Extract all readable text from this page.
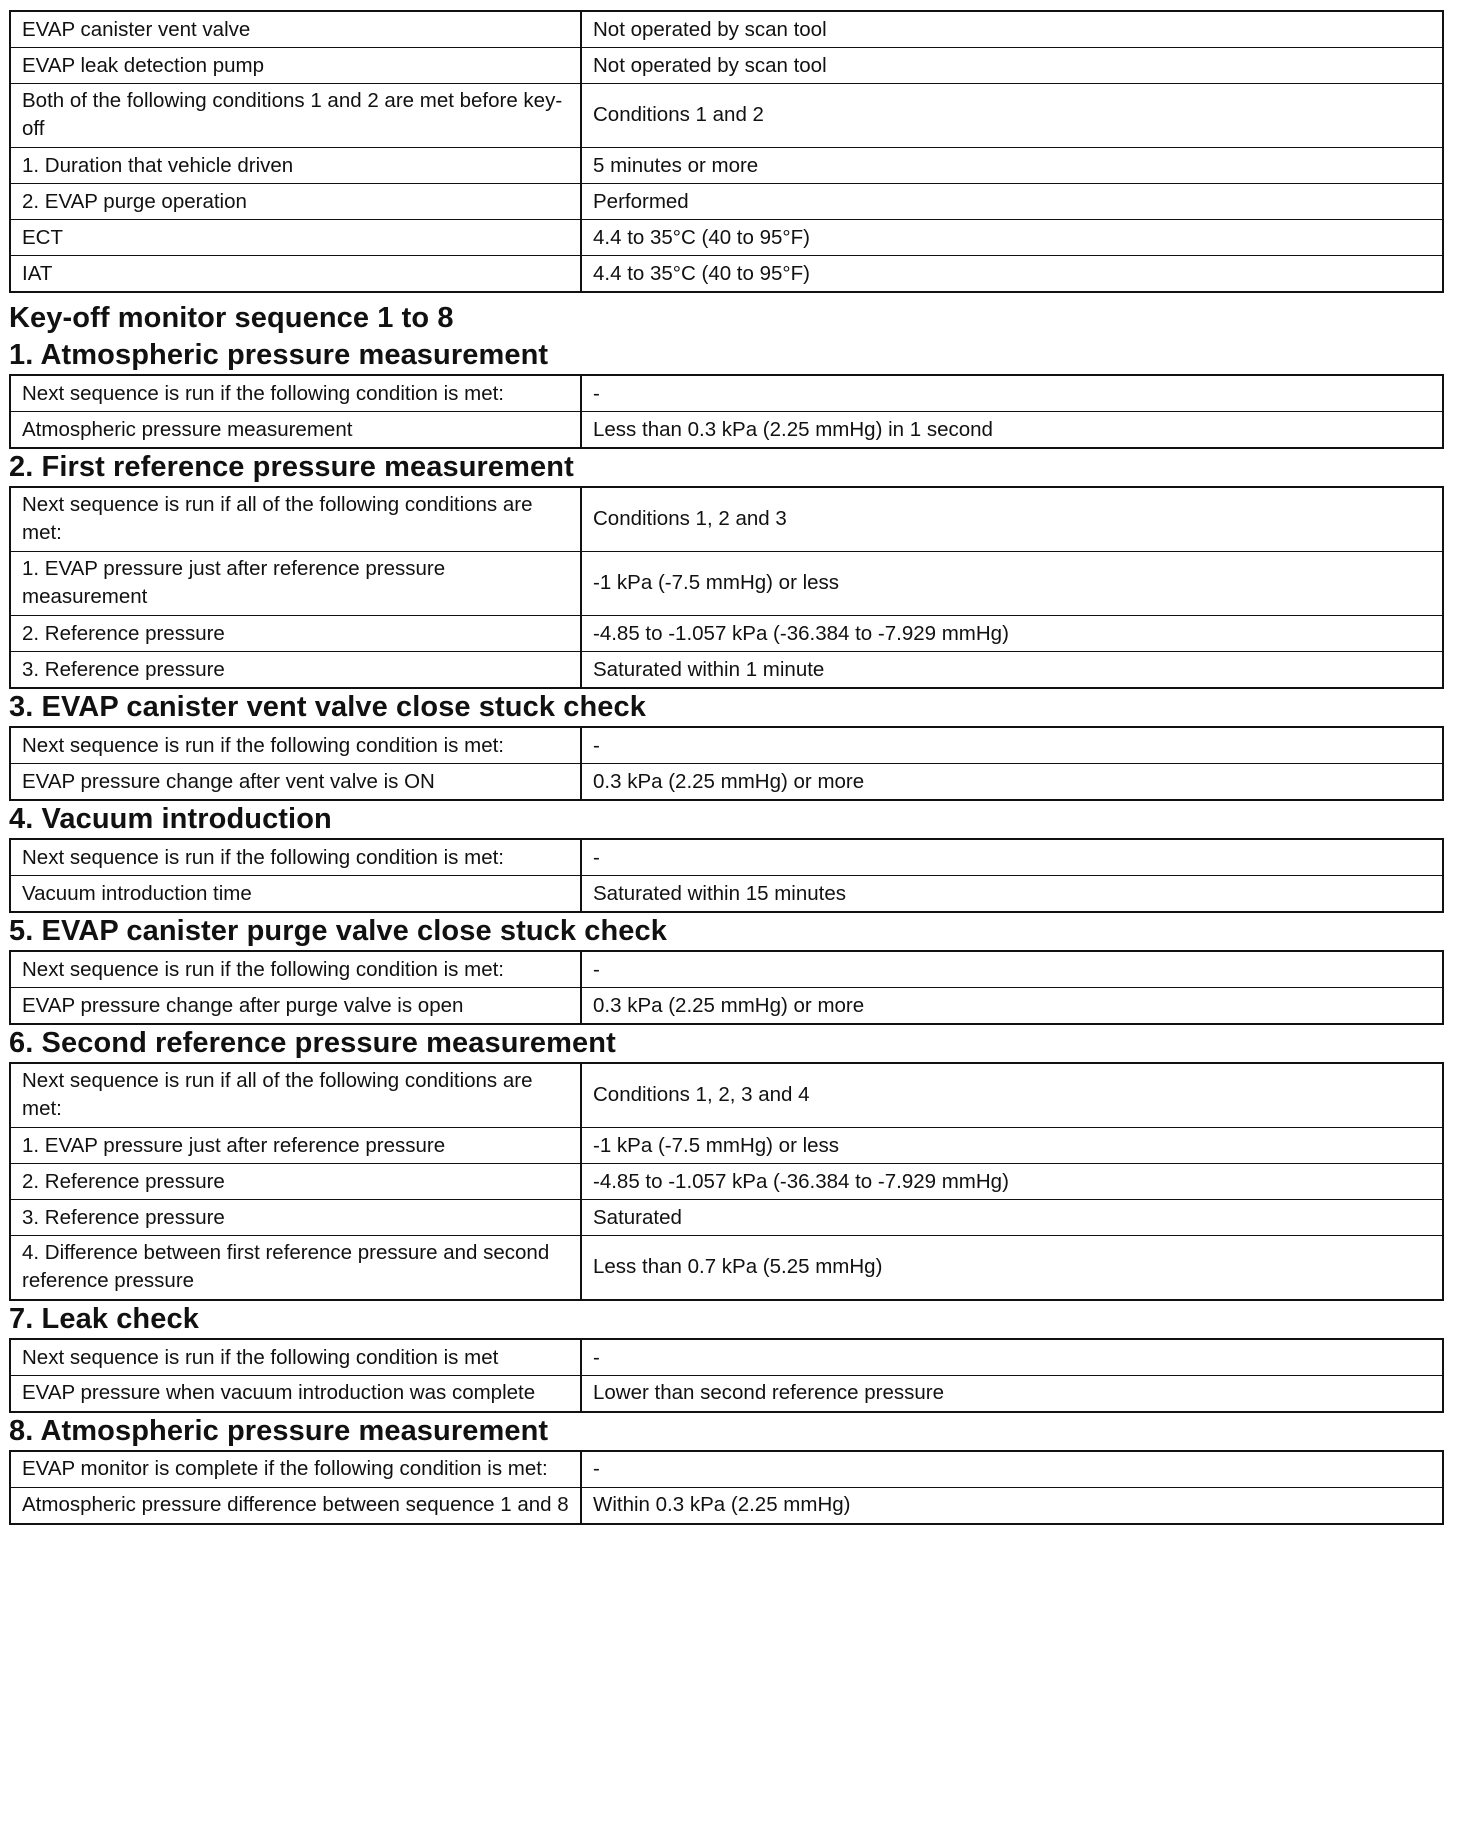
EVAP canister vent valve	Not operated by scan tool
EVAP leak detection pump	Not operated by scan tool
Both of the following conditions 1 and 2 are met before key-off	Conditions 1 and 2
1. Duration that vehicle driven	5 minutes or more
2. EVAP purge operation	Performed
ECT	4.4 to 35°C (40 to 95°F)
IAT	4.4 to 35°C (40 to 95°F)
Key-off monitor sequence 1 to 8
1. Atmospheric pressure measurement
Next sequence is run if the following condition is met:	-
Atmospheric pressure measurement	Less than 0.3 kPa (2.25 mmHg) in 1 second
2. First reference pressure measurement
Next sequence is run if all of the following conditions are met:	Conditions 1, 2 and 3
1. EVAP pressure just after reference pressure measurement	-1 kPa (-7.5 mmHg) or less
2. Reference pressure	-4.85 to -1.057 kPa (-36.384 to -7.929 mmHg)
3. Reference pressure	Saturated within 1 minute
3. EVAP canister vent valve close stuck check
Next sequence is run if the following condition is met:	-
EVAP pressure change after vent valve is ON	0.3 kPa (2.25 mmHg) or more
4. Vacuum introduction
Next sequence is run if the following condition is met:	-
Vacuum introduction time	Saturated within 15 minutes
5. EVAP canister purge valve close stuck check
Next sequence is run if the following condition is met:	-
EVAP pressure change after purge valve is open	0.3 kPa (2.25 mmHg) or more
6. Second reference pressure measurement
Next sequence is run if all of the following conditions are met:	Conditions 1, 2, 3 and 4
1. EVAP pressure just after reference pressure	-1 kPa (-7.5 mmHg) or less
2. Reference pressure	-4.85 to -1.057 kPa (-36.384 to -7.929 mmHg)
3. Reference pressure	Saturated
4. Difference between first reference pressure and second reference pressure	Less than 0.7 kPa (5.25 mmHg)
7. Leak check
Next sequence is run if the following condition is met	-
EVAP pressure when vacuum introduction was complete	Lower than second reference pressure
8. Atmospheric pressure measurement
EVAP monitor is complete if the following condition is met:	-
Atmospheric pressure difference between sequence 1 and 8	Within 0.3 kPa (2.25 mmHg)
